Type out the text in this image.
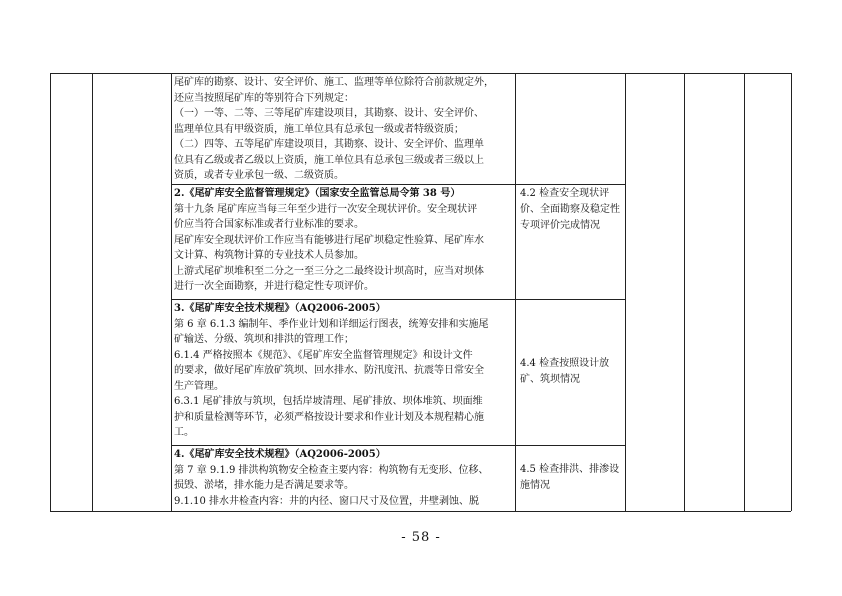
尾矿库的勘察、设计、安全评价、施工、监理等单位除符合前款规定外，

还应当按照尾矿库的等别符合下列规定：

（一）一等、二等、三等尾矿库建设项目，其勘察、设计、安全评价、

监理单位具有甲级资质，施工单位具有总承包一级或者特级资质；

（二）四等、五等尾矿库建设项目，其勘察、设计、安全评价、监理单

位具有乙级或者乙级以上资质，施工单位具有总承包三级或者三级以上

资质，或者专业承包一级、二级资质。

2.《尾矿库安全监督管理规定》（国家安全监管总局令第 38 号）

第十九条 尾矿库应当每三年至少进行一次安全现状评价。安全现状评

价应当符合国家标准或者行业标准的要求。

尾矿库安全现状评价工作应当有能够进行尾矿坝稳定性验算、尾矿库水

文计算、构筑物计算的专业技术人员参加。

上游式尾矿坝堆积至二分之一至三分之二最终设计坝高时，应当对坝体

进行一次全面勘察，并进行稳定性专项评价。

4.2 检查安全现状评价、全面勘察及稳定性专项评价完成情况

3.《尾矿库安全技术规程》（AQ2006-2005）

第 6 章 6.1.3 编制年、季作业计划和详细运行图表，统筹安排和实施尾

矿输送、分级、筑坝和排洪的管理工作；

6.1.4 严格按照本《规范》、《尾矿库安全监督管理规定》和设计文件

的要求，做好尾矿库放矿筑坝、回水排水、防汛度汛、抗震等日常安全

生产管理。

6.3.1 尾矿排放与筑坝，包括岸坡清理、尾矿排放、坝体堆筑、坝面维

护和质量检测等环节，必须严格按设计要求和作业计划及本规程精心施

工。

4.4 检查按照设计放矿、筑坝情况

4.《尾矿库安全技术规程》（AQ2006-2005）

第 7 章 9.1.9 排洪构筑物安全检查主要内容：构筑物有无变形、位移、

损毁、淤堵，排水能力是否满足要求等。

9.1.10 排水井检查内容：井的内径、窗口尺寸及位置，井壁剥蚀、脱

4.5 检查排洪、排渗设施情况
- 58 -
